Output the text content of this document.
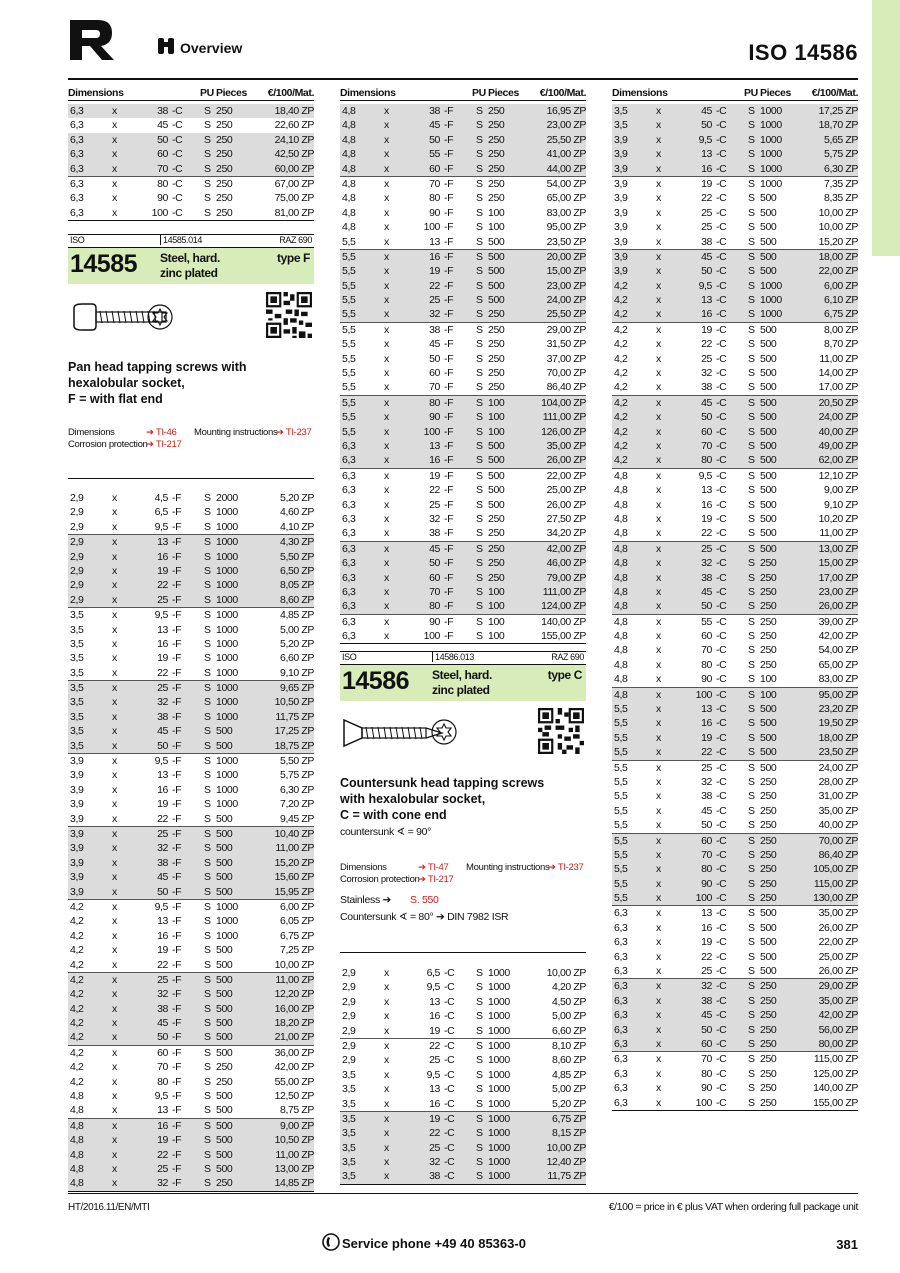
Overview	ISO 14586
Dimensions	PU Pieces €/100/Mat. Dimensions	PU Pieces €/100/Mat. Dimensions	PU Pieces €/100/Mat.
6,3	x	38 -C S 250	18,40 ZP
6,3	x	45 -C S 250	22,60 ZP
6,3	x	50 -C S 250	24,10 ZP
6,3	x	60 -C S 250	42,50 ZP
6,3	x	70 -C S 250	60,00 ZP
6,3	x	80 -C S 250	67,00 ZP
6,3	x	90 -C S 250	75,00 ZP
6,3	x	100 -C S 250	81,00 ZP
2,9	x	4,5 -F S 2000	5,20 ZP
2,9	x	6,5 -F S 1000	4,60 ZP
2,9	x	9,5 -F S 1000	4,10 ZP
2,9	x	13 -F S 1000	4,30 ZP
2,9	x	16 -F S 1000	5,50 ZP
2,9	x	19 -F S 1000	6,50 ZP
2,9	x	22 -F S 1000	8,05 ZP
2,9	x	25 -F S 1000	8,60 ZP
3,5	x	9,5 -F S 1000	4,85 ZP
3,5	x	13 -F S 1000	5,00 ZP
3,5	x	16 -F S 1000	5,20 ZP
3,5	x	19 -F S 1000	6,60 ZP
3,5	x	22 -F S 1000	9,10 ZP
3,5	x	25 -F S 1000	9,65 ZP
3,5	x	32 -F S 1000	10,50 ZP
3,5	x	38 -F S 1000	11,75 ZP
3,5	x	45 -F S 500	17,25 ZP
3,5	x	50 -F S 500	18,75 ZP
3,9	x	9,5 -F S 1000	5,50 ZP
3,9	x	13 -F S 1000	5,75 ZP
3,9	x	16 -F S 1000	6,30 ZP
3,9	x	19 -F S 1000	7,20 ZP
3,9	x	22 -F S 500	9,45 ZP
3,9	x	25 -F S 500	10,40 ZP
3,9	x	32 -F S 500	11,00 ZP
3,9	x	38 -F S 500	15,20 ZP
3,9	x	45 -F S 500	15,60 ZP
3,9	x	50 -F S 500	15,95 ZP
4,2	x	9,5 -F S 1000	6,00 ZP
4,2	x	13 -F S 1000	6,05 ZP
4,2	x	16 -F S 1000	6,75 ZP
4,2	x	19 -F S 500	7,25 ZP
4,2	x	22 -F S 500	10,00 ZP
4,2	x	25 -F S 500	11,00 ZP
4,2	x	32 -F S 500	12,20 ZP
4,2	x	38 -F S 500	16,00 ZP
4,2	x	45 -F S 500	18,20 ZP
4,2	x	50 -F S 500	21,00 ZP
4,2	x	60 -F S 500	36,00 ZP
4,2	x	70 -F S 250	42,00 ZP
4,2	x	80 -F S 250	55,00 ZP
4,8	x	9,5 -F S 500	12,50 ZP
4,8	x	13 -F S 500	8,75 ZP
4,8	x	16 -F S 500	9,00 ZP
4,8	x	19 -F S 500	10,50 ZP
4,8	x	22 -F S 500	11,00 ZP
4,8	x	25 -F S 500	13,00 ZP
4,8	x	32 -F S 250	14,85 ZP
4,8	x	38 -F S 250	16,95 ZP
4,8	x	45 -F S 250	23,00 ZP
4,8	x	50 -F S 250	25,50 ZP
4,8	x	55 -F S 250	41,00 ZP
4,8	x	60 -F S 250	44,00 ZP
4,8	x	70 -F S 250	54,00 ZP
4,8	x	80 -F S 250	65,00 ZP
4,8	x	90 -F S 100	83,00 ZP
4,8	x	100 -F S 100	95,00 ZP
5,5	x	13 -F S 500	23,50 ZP
5,5	x	16 -F S 500	20,00 ZP
5,5	x	19 -F S 500	15,00 ZP
5,5	x	22 -F S 500	23,00 ZP
5,5	x	25 -F S 500	24,00 ZP
5,5	x	32 -F S 250	25,50 ZP
5,5	x	38 -F S 250	29,00 ZP
5,5	x	45 -F S 250	31,50 ZP
5,5	x	50 -F S 250	37,00 ZP
5,5	x	60 -F S 250	70,00 ZP
5,5	x	70 -F S 250	86,40 ZP
5,5	x	80 -F S 100	104,00 ZP
5,5	x	90 -F S 100	111,00 ZP
5,5	x	100 -F S 100	126,00 ZP
6,3	x	13 -F S 500	35,00 ZP
6,3	x	16 -F S 500	26,00 ZP
6,3	x	19 -F S 500	22,00 ZP
6,3	x	22 -F S 500	25,00 ZP
6,3	x	25 -F S 500	26,00 ZP
6,3	x	32 -F S 250	27,50 ZP
6,3	x	38 -F S 250	34,20 ZP
6,3	x	45 -F S 250	42,00 ZP
6,3	x	50 -F S 250	46,00 ZP
6,3	x	60 -F S 250	79,00 ZP
6,3	x	70 -F S 100	111,00 ZP
6,3	x	80 -F S 100	124,00 ZP
6,3	x	90 -F S 100	140,00 ZP
6,3	x	100 -F S 100	155,00 ZP
2,9	x	6,5 -C S 1000	10,00 ZP
2,9	x	9,5 -C S 1000	4,20 ZP
2,9	x	13 -C S 1000	4,50 ZP
2,9	x	16 -C S 1000	5,00 ZP
2,9	x	19 -C S 1000	6,60 ZP
2,9	x	22 -C S 1000	8,10 ZP
2,9	x	25 -C S 1000	8,60 ZP
3,5	x	9,5 -C S 1000	4,85 ZP
3,5	x	13 -C S 1000	5,00 ZP
3,5	x	16 -C S 1000	5,20 ZP
3,5	x	19 -C S 1000	6,75 ZP
3,5	x	22 -C S 1000	8,15 ZP
3,5	x	25 -C S 1000	10,00 ZP
3,5	x	32 -C S 1000	12,40 ZP
3,5	x	38 -C S 1000	11,75 ZP
3,5	x	45 -C S 1000	17,25 ZP
3,5	x	50 -C S 1000	18,70 ZP
3,9	x	9,5 -C S 1000	5,65 ZP
3,9	x	13 -C S 1000	5,75 ZP
3,9	x	16 -C S 1000	6,30 ZP
3,9	x	19 -C S 1000	7,35 ZP
3,9	x	22 -C S 500	8,35 ZP
3,9	x	25 -C S 500	10,00 ZP
3,9	x	25 -C S 500	10,00 ZP
3,9	x	38 -C S 500	15,20 ZP
3,9	x	45 -C S 500	18,00 ZP
3,9	x	50 -C S 500	22,00 ZP
4,2	x	9,5 -C S 1000	6,00 ZP
4,2	x	13 -C S 1000	6,10 ZP
4,2	x	16 -C S 1000	6,75 ZP
4,2	x	19 -C S 500	8,00 ZP
4,2	x	22 -C S 500	8,70 ZP
4,2	x	25 -C S 500	11,00 ZP
4,2	x	32 -C S 500	14,00 ZP
4,2	x	38 -C S 500	17,00 ZP
4,2	x	45 -C S 500	20,50 ZP
4,2	x	50 -C S 500	24,00 ZP
4,2	x	60 -C S 500	40,00 ZP
4,2	x	70 -C S 500	49,00 ZP
4,2	x	80 -C S 500	62,00 ZP
4,8	x	9,5 -C S 500	12,10 ZP
4,8	x	13 -C S 500	9,00 ZP
4,8	x	16 -C S 500	9,10 ZP
4,8	x	19 -C S 500	10,20 ZP
4,8	x	22 -C S 500	11,00 ZP
4,8	x	25 -C S 500	13,00 ZP
4,8	x	32 -C S 250	15,00 ZP
4,8	x	38 -C S 250	17,00 ZP
4,8	x	45 -C S 250	23,00 ZP
4,8	x	50 -C S 250	26,00 ZP
4,8	x	55 -C S 250	39,00 ZP
4,8	x	60 -C S 250	42,00 ZP
4,8	x	70 -C S 250	54,00 ZP
4,8	x	80 -C S 250	65,00 ZP
4,8	x	90 -C S 100	83,00 ZP
4,8	x	100 -C S 100	95,00 ZP
5,5	x	13 -C S 500	23,20 ZP
5,5	x	16 -C S 500	19,50 ZP
5,5	x	19 -C S 500	18,00 ZP
5,5	x	22 -C S 500	23,50 ZP
5,5	x	25 -C S 500	24,00 ZP
5,5	x	32 -C S 250	28,00 ZP
5,5	x	38 -C S 250	31,00 ZP
5,5	x	45 -C S 250	35,00 ZP
5,5	x	50 -C S 250	40,00 ZP
5,5	x	60 -C S 250	70,00 ZP
5,5	x	70 -C S 250	86,40 ZP
5,5	x	80 -C S 250	105,00 ZP
5,5	x	90 -C S 250	115,00 ZP
5,5	x	100 -C S 250	130,00 ZP
6,3	x	13 -C S 500	35,00 ZP
6,3	x	16 -C S 500	26,00 ZP
6,3	x	19 -C S 500	22,00 ZP
6,3	x	22 -C S 500	25,00 ZP
6,3	x	25 -C S 500	26,00 ZP
6,3	x	32 -C S 250	29,00 ZP
6,3	x	38 -C S 250	35,00 ZP
6,3	x	45 -C S 250	42,00 ZP
6,3	x	50 -C S 250	56,00 ZP
6,3	x	60 -C S 250	80,00 ZP
6,3	x	70 -C S 250	115,00 ZP
6,3	x	80 -C S 250	125,00 ZP
6,3	x	90 -C S 250	140,00 ZP
6,3	x	100 -C S 250	155,00 ZP
ISO	14585.014	RAZ 690
14585 Steel, hard.
zinc plated
type F
Pan head tapping screws with
hexalobular socket,
F = with flat end
Dimensions	➔ TI-46 Mounting instructions
➔ TI-237
Corrosion protection
➔ TI-217
ISO	14586.013	RAZ 690
14586 Steel, hard.
zinc plated
type C
Countersunk head tapping screws
with hexalobular socket,
C = with cone end
countersunk ∢ = 90°
Dimensions	➔ TI-47 Mounting instructions
➔ TI-237
Corrosion protection
➔ TI-217
Stainless ➔ S. 550
Countersunk ∢ = 80° ➔ DIN 7982 ISR
HT/2016.11/EN/MTI	€/100 = price in € plus VAT when ordering full package unit
Service phone +49 40 85363-0	381
